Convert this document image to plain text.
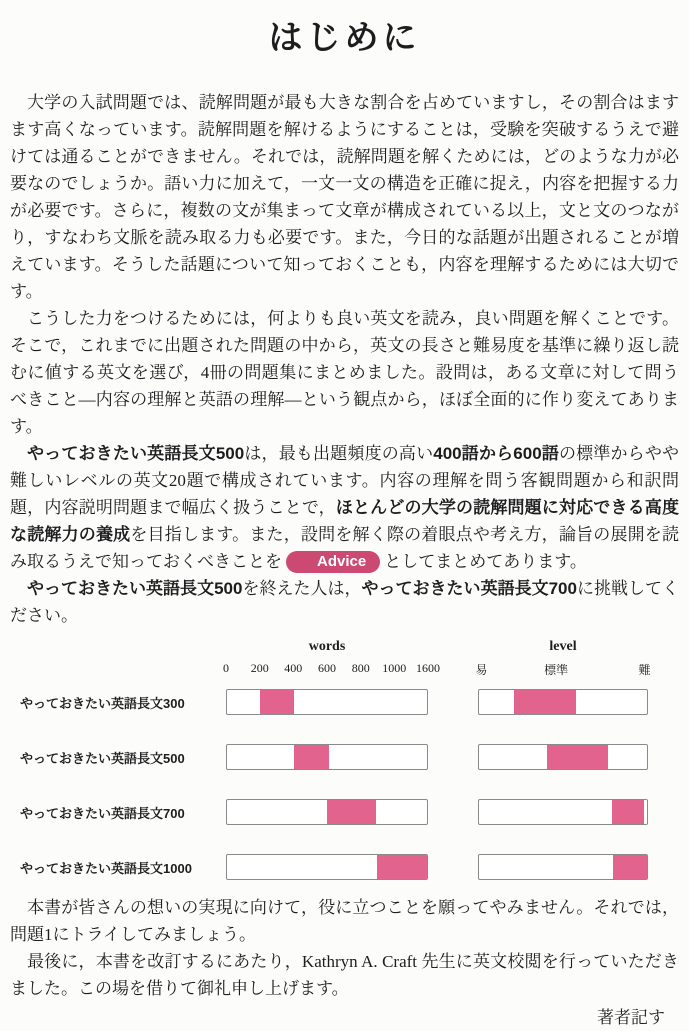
はじめに

大学の入試問題では、読解問題が最も大きな割合を占めていますし，その割合はますます高くなっています。読解問題を解けるようにすることは，受験を突破するうえで避けては通ることができません。それでは，読解問題を解くためには，どのような力が必要なのでしょうか。語い力に加えて，一文一文の構造を正確に捉え，内容を把握する力が必要です。さらに，複数の文が集まって文章が構成されている以上，文と文のつながり，すなわち文脈を読み取る力も必要です。また，今日的な話題が出題されることが増えています。そうした話題について知っておくことも，内容を理解するためには大切です。

こうした力をつけるためには，何よりも良い英文を読み，良い問題を解くことです。そこで，これまでに出題された問題の中から，英文の長さと難易度を基準に繰り返し読むに値する英文を選び，4冊の問題集にまとめました。設問は，ある文章に対して問うべきこと―内容の理解と英語の理解―という観点から，ほぼ全面的に作り変えてあります。

やっておきたい英語長文500は，最も出題頻度の高い400語から600語の標準からやや難しいレベルの英文20題で構成されています。内容の理解を問う客観問題から和訳問題，内容説明問題まで幅広く扱うことで，ほとんどの大学の読解問題に対応できる高度な読解力の養成を目指します。また，設問を解く際の着眼点や考え方，論旨の展開を読み取るうえで知っておくべきことを Advice としてまとめてあります。

やっておきたい英語長文500を終えた人は，やっておきたい英語長文700に挑戦してください。

words	level
0 200 400 600 800 1000 1600	易	標準	難
やっておきたい英語長文300
やっておきたい英語長文500
やっておきたい英語長文700
やっておきたい英語長文1000

本書が皆さんの想いの実現に向けて，役に立つことを願ってやみません。それでは，問題1にトライしてみましょう。

最後に，本書を改訂するにあたり，Kathryn A. Craft 先生に英文校閲を行っていただきました。この場を借りて御礼申し上げます。

著者記す
